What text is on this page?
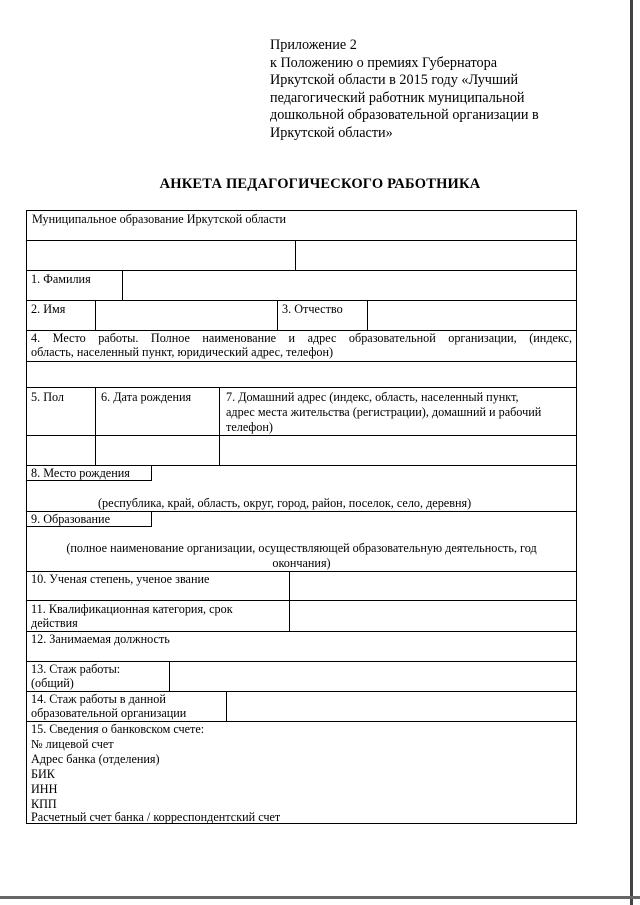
Приложение 2
к Положению о премиях Губернатора
Иркутской области в 2015 году «Лучший
педагогический работник муниципальной
дошкольной образовательной организации в
Иркутской области»
АНКЕТА ПЕДАГОГИЧЕСКОГО РАБОТНИКА
Муниципальное образование Иркутской области
1. Фамилия
2. Имя	3. Отчество
4. Место работы. Полное наименование и адрес образовательной организации, (индекс,
область, населенный пункт, юридический адрес, телефон)
5. Пол	6. Дата рождения	7. Домашний адрес (индекс, область, населенный пункт,
адрес места жительства (регистрации), домашний и рабочий
телефон)
8. Место рождения
(республика, край, область, округ, город, район, поселок, село, деревня)
9. Образование
(полное наименование организации, осуществляющей образовательную деятельность, год
окончания)
10. Ученая степень, ученое звание
11. Квалификационная категория, срок
действия
12. Занимаемая должность
13. Стаж работы:
(общий)
14. Стаж работы в данной
образовательной организации
15. Сведения о банковском счете:
№ лицевой счет
Адрес банка (отделения)
БИК
ИНН
КПП
Расчетный счет банка / корреспондентский счет
